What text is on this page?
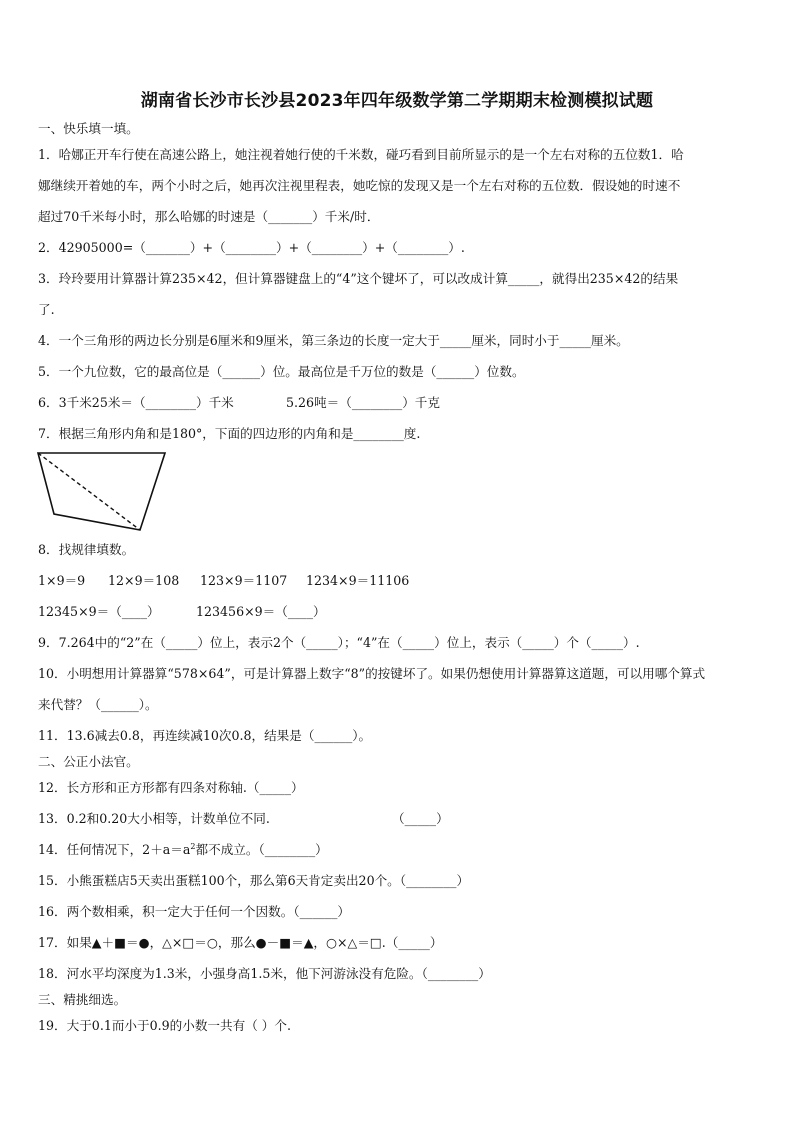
湖南省长沙市长沙县2023年四年级数学第二学期期末检测模拟试题
一、快乐填一填。
1．哈娜正开车行使在高速公路上，她注视着她行使的千米数，碰巧看到目前所显示的是一个左右对称的五位数1．哈
娜继续开着她的车，两个小时之后，她再次注视里程表，她吃惊的发现又是一个左右对称的五位数．假设她的时速不
超过70千米每小时，那么哈娜的时速是（_______）千米/时．
2．42905000=（_______）+（________）+（________）+（________）.
3．玲玲要用计算器计算235×42，但计算器键盘上的“4”这个键坏了，可以改成计算_____，就得出235×42的结果
了.
4．一个三角形的两边长分别是6厘米和9厘米，第三条边的长度一定大于_____厘米，同时小于_____厘米。
5．一个九位数，它的最高位是（______）位。最高位是千万位的数是（______）位数。
6．3千米25米＝（________）千米	5.26吨＝（________）千克
7．根据三角形内角和是180°，下面的四边形的内角和是________度.
8．找规律填数。
1×9＝9 12×9＝108 123×9＝1107 1234×9＝11106
12345×9＝（____）	123456×9＝（____）
9．7.264中的“2”在（_____）位上，表示2个（_____）；“4”在（_____）位上，表示（_____）个（_____）.
10．小明想用计算器算“578×64”，可是计算器上数字“8”的按键坏了。如果仍想使用计算器算这道题，可以用哪个算式
来代替？（______）。
11．13.6减去0.8，再连续减10次0.8，结果是（______）。
二、公正小法官。
12．长方形和正方形都有四条对称轴.（_____）
13．0.2和0.20大小相等，计数单位不同.	（_____）
14．任何情况下，$2+a=a^2$都不成立。（________）
15．小熊蛋糕店5天卖出蛋糕100个，那么第6天肯定卖出20个。（________）
16．两个数相乘，积一定大于任何一个因数。（______）
17．如果▲＋■＝●，△×□＝○，那么●－■＝▲，○×△＝□.（_____）
18．河水平均深度为1.3米，小强身高1.5米，他下河游泳没有危险。（________）
三、精挑细选。
19．大于0.1而小于0.9的小数一共有（ ）个.
